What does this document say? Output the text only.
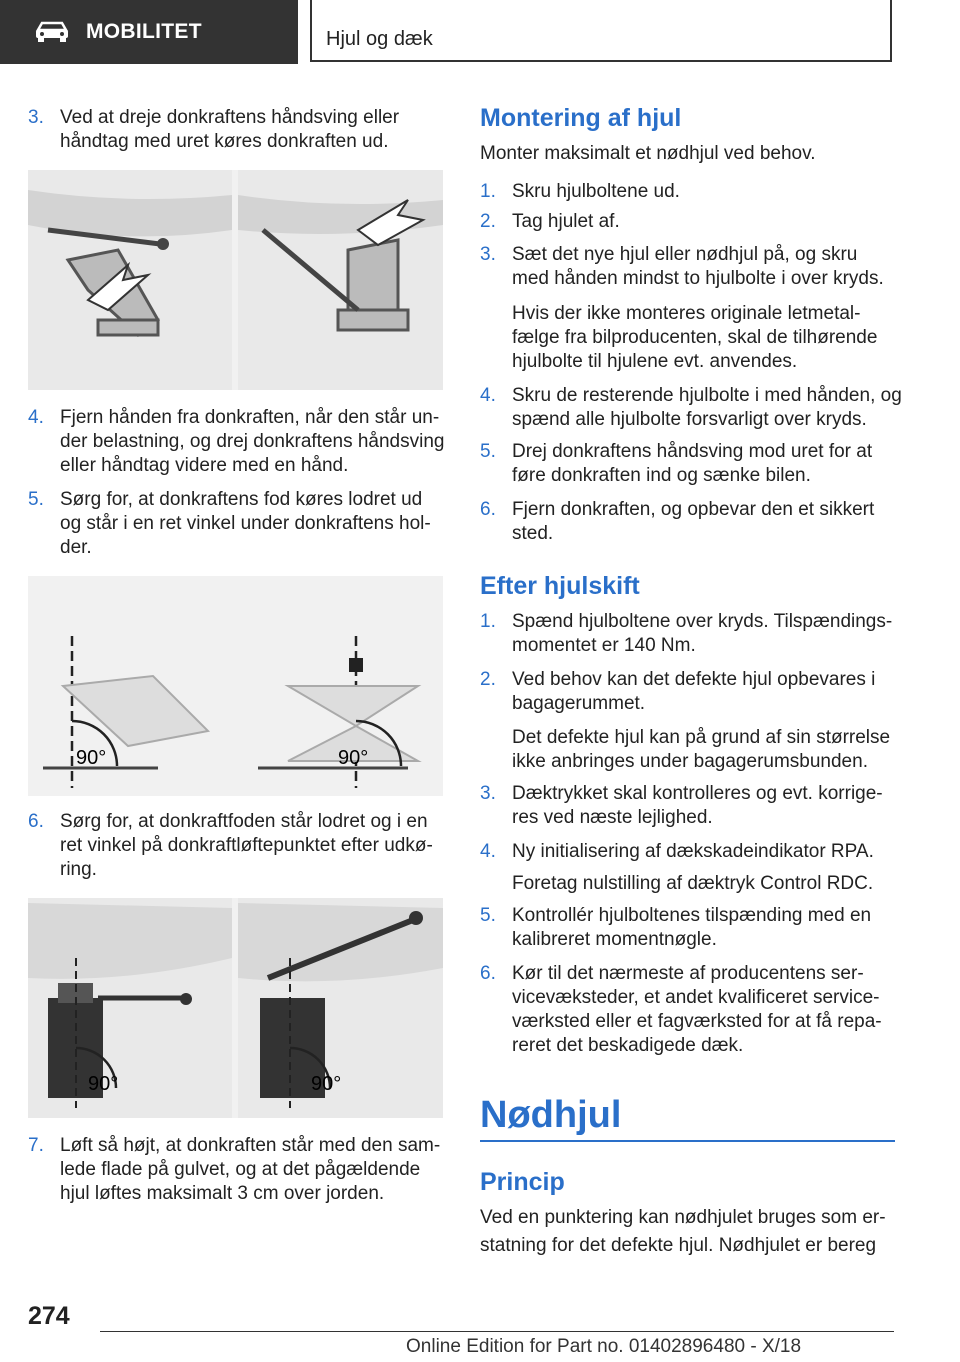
MOBILITET	Hjul og dæk
3. Ved at dreje donkraftens håndsving eller håndtag med uret køres donkraften ud.
4. Fjern hånden fra donkraften, når den står under belastning, og drej donkraftens håndsving eller håndtag videre med en hånd.
5. Sørg for, at donkraftens fod køres lodret ud og står i en ret vinkel under donkraftens holder.
90°	90°
6. Sørg for, at donkraftfoden står lodret og i en ret vinkel på donkraftløftepunktet efter udkøring.
90°	90°
7. Løft så højt, at donkraften står med den samlede flade på gulvet, og at det pågældende hjul løftes maksimalt 3 cm over jorden.
Montering af hjul
Monter maksimalt et nødhjul ved behov.
1. Skru hjulboltene ud.
2. Tag hjulet af.
3. Sæt det nye hjul eller nødhjul på, og skru med hånden mindst to hjulbolte i over kryds.
Hvis der ikke monteres originale letmetalfælge fra bilproducenten, skal de tilhørende hjulbolte til hjulene evt. anvendes.
4. Skru de resterende hjulbolte i med hånden, og spænd alle hjulbolte forsvarligt over kryds.
5. Drej donkraftens håndsving mod uret for at føre donkraften ind og sænke bilen.
6. Fjern donkraften, og opbevar den et sikkert sted.
Efter hjulskift
1. Spænd hjulboltene over kryds. Tilspændingsmomentet er 140 Nm.
2. Ved behov kan det defekte hjul opbevares i bagagerummet.
Det defekte hjul kan på grund af sin størrelse ikke anbringes under bagagerumsbunden.
3. Dæktrykket skal kontrolleres og evt. korrigeres ved næste lejlighed.
4. Ny initialisering af dækskadeindikator RPA.
Foretag nulstilling af dæktryk Control RDC.
5. Kontrollér hjulboltenes tilspænding med en kalibreret momentnøgle.
6. Kør til det nærmeste af producentens servicevæksteder, et andet kvalificeret serviceværksted eller et fagværksted for at få repareret det beskadigede dæk.
Nødhjul
Princip
Ved en punktering kan nødhjulet bruges som erstatning for det defekte hjul. Nødhjulet er bereg
274
Online Edition for Part no. 01402896480 - X/18
